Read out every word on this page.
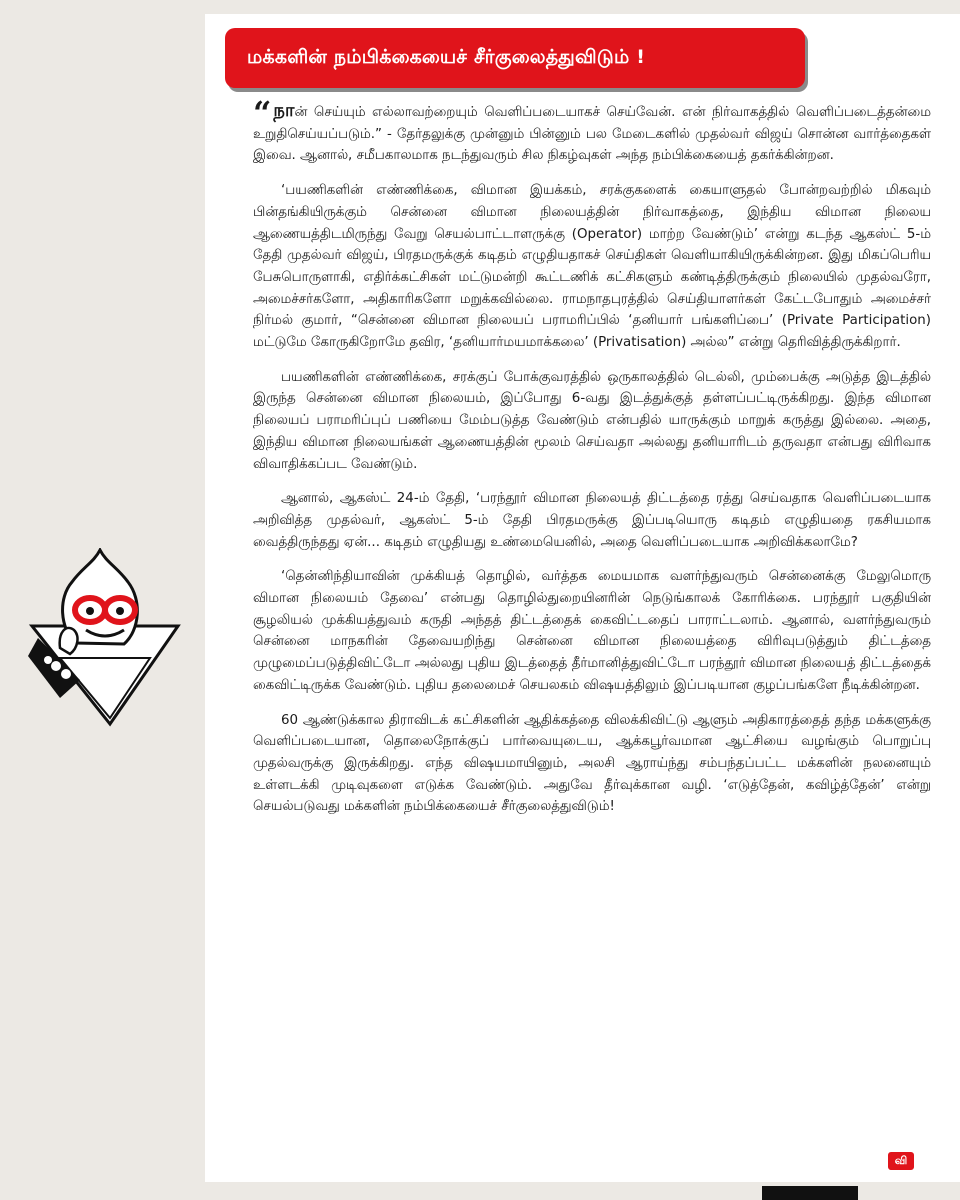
மக்களின் நம்பிக்கையைச் சீர்குலைத்துவிடும் !

“ நான் செய்யும் எல்லாவற்றையும் வெளிப்படையாகச் செய்வேன். என் நிர்வாகத்தில் வெளிப்படைத்தன்மை உறுதிசெய்யப்படும்.” - தேர்தலுக்கு முன்னும் பின்னும் பல மேடைகளில் முதல்வர் விஜய் சொன்ன வார்த்தைகள் இவை. ஆனால், சமீபகாலமாக நடந்துவரும் சில நிகழ்வுகள் அந்த நம்பிக்கையைத் தகர்க்கின்றன.

‘பயணிகளின் எண்ணிக்கை, விமான இயக்கம், சரக்குகளைக் கையாளுதல் போன்றவற்றில் மிகவும் பின்தங்கியிருக்கும் சென்னை விமான நிலையத்தின் நிர்வாகத்தை, இந்திய விமான நிலைய ஆணையத்திடமிருந்து வேறு செயல்பாட்டாளருக்கு (Operator) மாற்ற வேண்டும்’ என்று கடந்த ஆகஸ்ட் 5-ம் தேதி முதல்வர் விஜய், பிரதமருக்குக் கடிதம் எழுதியதாகச் செய்திகள் வெளியாகியிருக்கின்றன. இது மிகப்பெரிய பேசுபொருளாகி, எதிர்க்கட்சிகள் மட்டுமன்றி கூட்டணிக் கட்சிகளும் கண்டித்திருக்கும் நிலையில் முதல்வரோ, அமைச்சர்களோ, அதிகாரிகளோ மறுக்கவில்லை. ராமநாதபுரத்தில் செய்தியாளர்கள் கேட்டபோதும் அமைச்சர் நிர்மல் குமார், “சென்னை விமான நிலையப் பராமரிப்பில் ‘தனியார் பங்களிப்பை’ (Private Participation) மட்டுமே கோருகிறோமே தவிர, ‘தனியார்மயமாக்கலை’ (Privatisation) அல்ல” என்று தெரிவித்திருக்கிறார்.

பயணிகளின் எண்ணிக்கை, சரக்குப் போக்குவரத்தில் ஒருகாலத்தில் டெல்லி, மும்பைக்கு அடுத்த இடத்தில் இருந்த சென்னை விமான நிலையம், இப்போது 6-வது இடத்துக்குத் தள்ளப்பட்டிருக்கிறது. இந்த விமான நிலையப் பராமரிப்புப் பணியை மேம்படுத்த வேண்டும் என்பதில் யாருக்கும் மாறுக் கருத்து இல்லை. அதை, இந்திய விமான நிலையங்கள் ஆணையத்தின் மூலம் செய்வதா அல்லது தனியாரிடம் தருவதா என்பது விரிவாக விவாதிக்கப்பட வேண்டும்.

ஆனால், ஆகஸ்ட் 24-ம் தேதி, ‘பரந்தூர் விமான நிலையத் திட்டத்தை ரத்து செய்வதாக வெளிப்படையாக அறிவித்த முதல்வர், ஆகஸ்ட் 5-ம் தேதி பிரதமருக்கு இப்படியொரு கடிதம் எழுதியதை ரகசியமாக வைத்திருந்தது ஏன்... கடிதம் எழுதியது உண்மையெனில், அதை வெளிப்படையாக அறிவிக்கலாமே?

‘தென்னிந்தியாவின் முக்கியத் தொழில், வர்த்தக மையமாக வளர்ந்துவரும் சென்னைக்கு மேலுமொரு விமான நிலையம் தேவை’ என்பது தொழில்துறையினரின் நெடுங்காலக் கோரிக்கை. பரந்தூர் பகுதியின் சூழலியல் முக்கியத்துவம் கருதி அந்தத் திட்டத்தைக் கைவிட்டதைப் பாராட்டலாம். ஆனால், வளர்ந்துவரும் சென்னை மாநகரின் தேவையறிந்து சென்னை விமான நிலையத்தை விரிவுபடுத்தும் திட்டத்தை முழுமைப்படுத்திவிட்டோ அல்லது புதிய இடத்தைத் தீர்மானித்துவிட்டோ பரந்தூர் விமான நிலையத் திட்டத்தைக் கைவிட்டிருக்க வேண்டும். புதிய தலைமைச் செயலகம் விஷயத்திலும் இப்படியான குழப்பங்களே நீடிக்கின்றன.

60 ஆண்டுக்கால திராவிடக் கட்சிகளின் ஆதிக்கத்தை விலக்கிவிட்டு ஆளும் அதிகாரத்தைத் தந்த மக்களுக்கு வெளிப்படையான, தொலைநோக்குப் பார்வையுடைய, ஆக்கபூர்வமான ஆட்சியை வழங்கும் பொறுப்பு முதல்வருக்கு இருக்கிறது. எந்த விஷயமாயினும், அலசி ஆராய்ந்து சம்பந்தப்பட்ட மக்களின் நலனையும் உள்ளடக்கி முடிவுகளை எடுக்க வேண்டும். அதுவே தீர்வுக்கான வழி. ‘எடுத்தேன், கவிழ்த்தேன்’ என்று செயல்படுவது மக்களின் நம்பிக்கையைச் சீர்குலைத்துவிடும்!

வி
